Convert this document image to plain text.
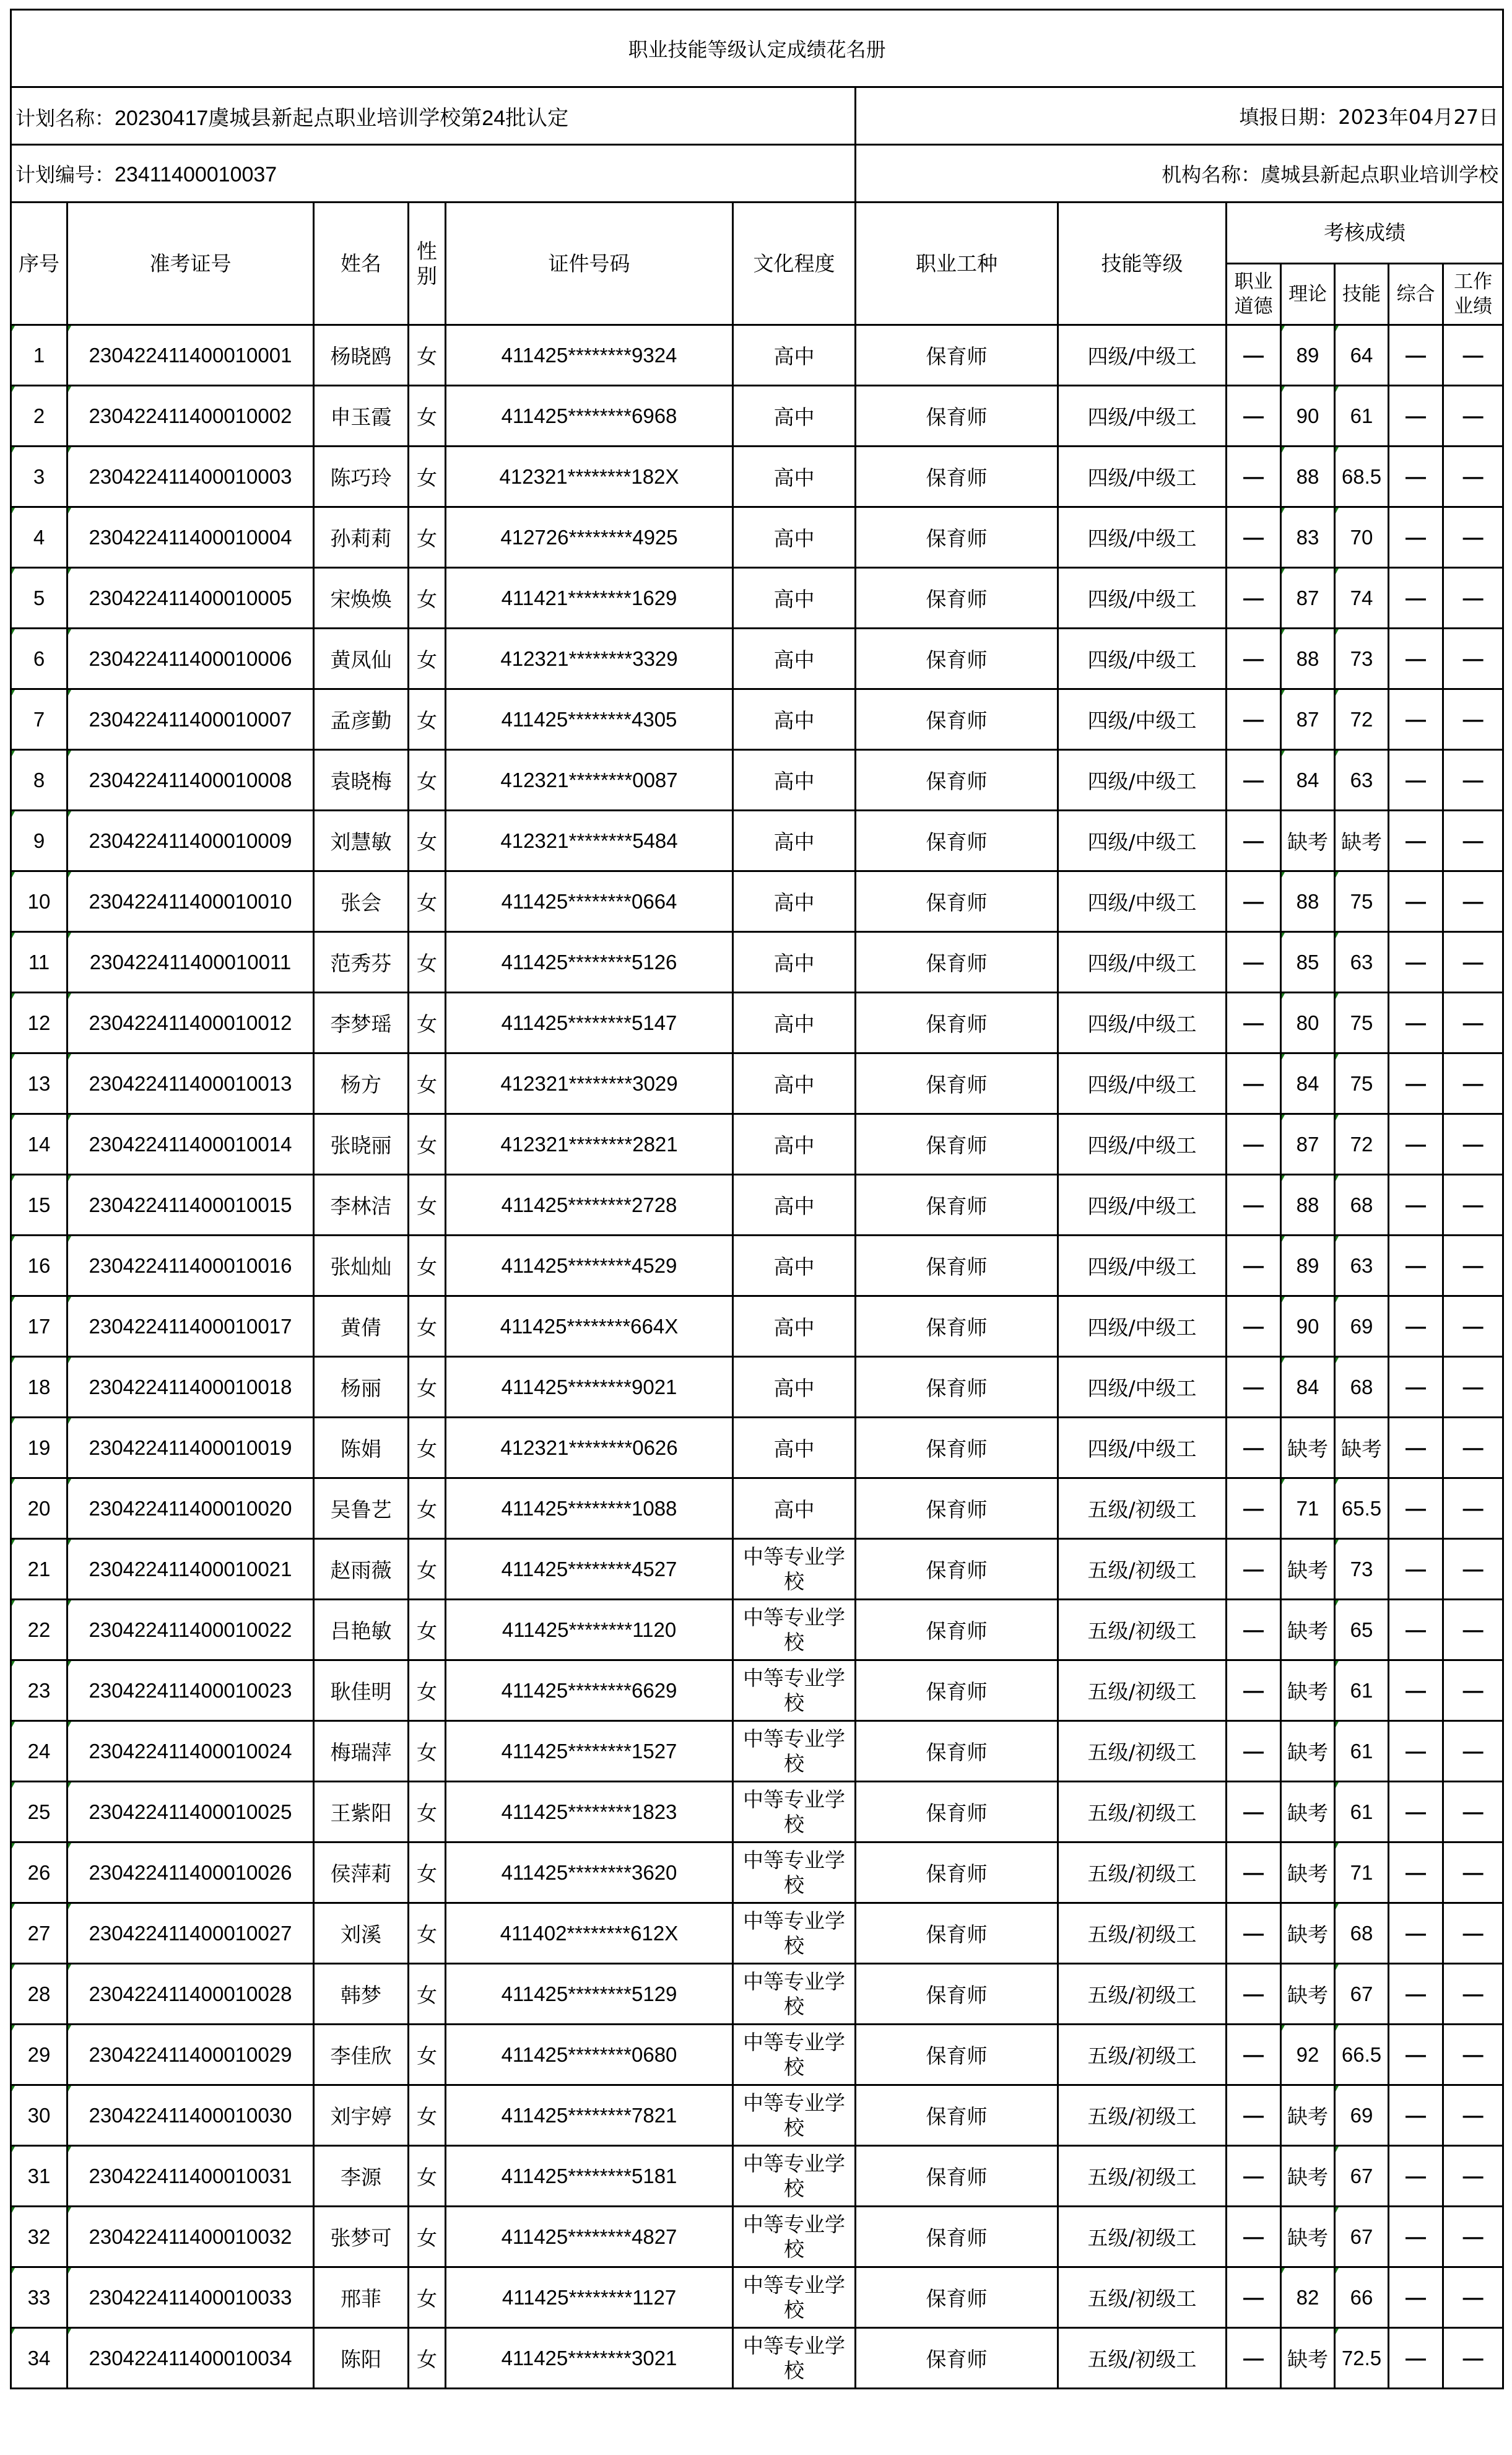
职业技能等级认定成绩花名册												
计划名称：20230417虞城县新起点职业培训学校第24批认定						填报日期：2023年04月27日						
计划编号：23411400010037						机构名称：虞城县新起点职业培训学校						
序号	准考证号	姓名	性别	证件号码	文化程度	职业工种	技能等级	考核成绩				
								职业道德	理论	技能	综合	工作业绩
1	230422411400010001	杨晓鸥	女	411425********9324	高中	保育师	四级/中级工	—	89	64	—	—
2	230422411400010002	申玉霞	女	411425********6968	高中	保育师	四级/中级工	—	90	61	—	—
3	230422411400010003	陈巧玲	女	412321********182X	高中	保育师	四级/中级工	—	88	68.5	—	—
4	230422411400010004	孙莉莉	女	412726********4925	高中	保育师	四级/中级工	—	83	70	—	—
5	230422411400010005	宋焕焕	女	411421********1629	高中	保育师	四级/中级工	—	87	74	—	—
6	230422411400010006	黄凤仙	女	412321********3329	高中	保育师	四级/中级工	—	88	73	—	—
7	230422411400010007	孟彦勤	女	411425********4305	高中	保育师	四级/中级工	—	87	72	—	—
8	230422411400010008	袁晓梅	女	412321********0087	高中	保育师	四级/中级工	—	84	63	—	—
9	230422411400010009	刘慧敏	女	412321********5484	高中	保育师	四级/中级工	—	缺考	缺考	—	—
10	230422411400010010	张会	女	411425********0664	高中	保育师	四级/中级工	—	88	75	—	—
11	230422411400010011	范秀芬	女	411425********5126	高中	保育师	四级/中级工	—	85	63	—	—
12	230422411400010012	李梦瑶	女	411425********5147	高中	保育师	四级/中级工	—	80	75	—	—
13	230422411400010013	杨方	女	412321********3029	高中	保育师	四级/中级工	—	84	75	—	—
14	230422411400010014	张晓丽	女	412321********2821	高中	保育师	四级/中级工	—	87	72	—	—
15	230422411400010015	李林洁	女	411425********2728	高中	保育师	四级/中级工	—	88	68	—	—
16	230422411400010016	张灿灿	女	411425********4529	高中	保育师	四级/中级工	—	89	63	—	—
17	230422411400010017	黄倩	女	411425********664X	高中	保育师	四级/中级工	—	90	69	—	—
18	230422411400010018	杨丽	女	411425********9021	高中	保育师	四级/中级工	—	84	68	—	—
19	230422411400010019	陈娟	女	412321********0626	高中	保育师	四级/中级工	—	缺考	缺考	—	—
20	230422411400010020	吴鲁艺	女	411425********1088	高中	保育师	五级/初级工	—	71	65.5	—	—
21	230422411400010021	赵雨薇	女	411425********4527	中等专业学校	保育师	五级/初级工	—	缺考	73	—	—
22	230422411400010022	吕艳敏	女	411425********1120	中等专业学校	保育师	五级/初级工	—	缺考	65	—	—
23	230422411400010023	耿佳明	女	411425********6629	中等专业学校	保育师	五级/初级工	—	缺考	61	—	—
24	230422411400010024	梅瑞萍	女	411425********1527	中等专业学校	保育师	五级/初级工	—	缺考	61	—	—
25	230422411400010025	王紫阳	女	411425********1823	中等专业学校	保育师	五级/初级工	—	缺考	61	—	—
26	230422411400010026	侯萍莉	女	411425********3620	中等专业学校	保育师	五级/初级工	—	缺考	71	—	—
27	230422411400010027	刘溪	女	411402********612X	中等专业学校	保育师	五级/初级工	—	缺考	68	—	—
28	230422411400010028	韩梦	女	411425********5129	中等专业学校	保育师	五级/初级工	—	缺考	67	—	—
29	230422411400010029	李佳欣	女	411425********0680	中等专业学校	保育师	五级/初级工	—	92	66.5	—	—
30	230422411400010030	刘宇婷	女	411425********7821	中等专业学校	保育师	五级/初级工	—	缺考	69	—	—
31	230422411400010031	李源	女	411425********5181	中等专业学校	保育师	五级/初级工	—	缺考	67	—	—
32	230422411400010032	张梦可	女	411425********4827	中等专业学校	保育师	五级/初级工	—	缺考	67	—	—
33	230422411400010033	邢菲	女	411425********1127	中等专业学校	保育师	五级/初级工	—	82	66	—	—
34	230422411400010034	陈阳	女	411425********3021	中等专业学校	保育师	五级/初级工	—	缺考	72.5	—	—
